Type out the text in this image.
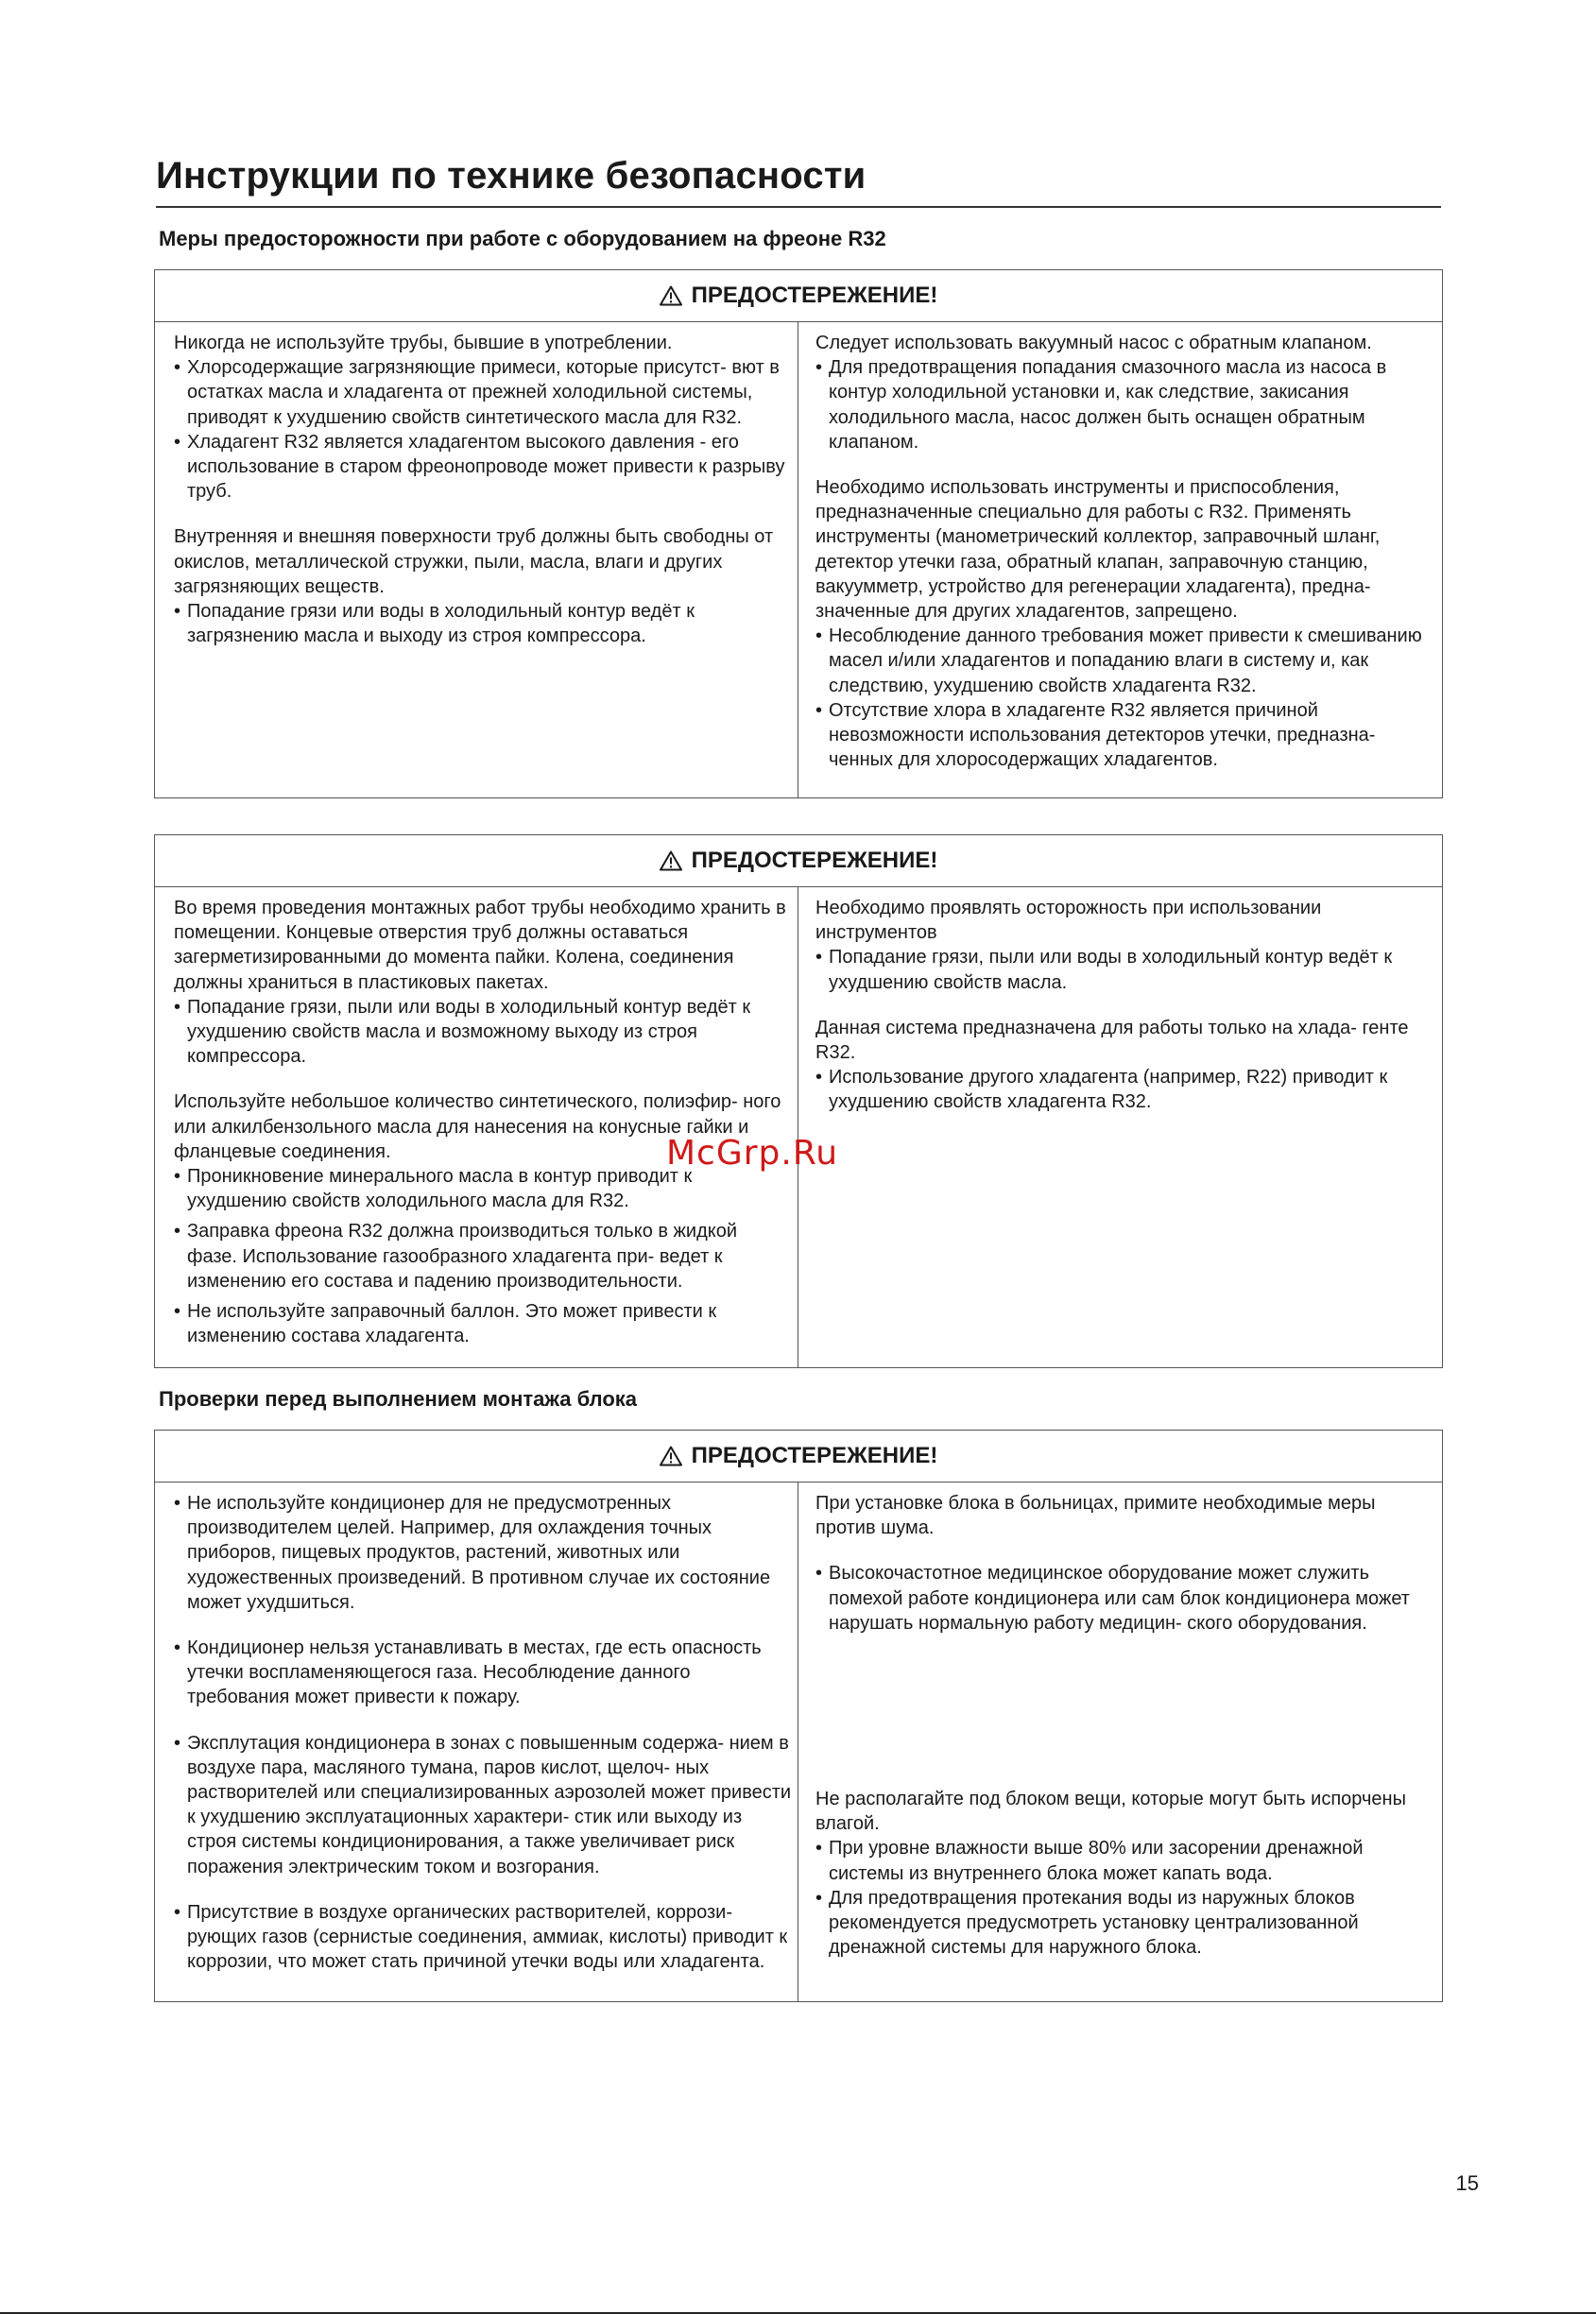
Инструкции по технике безопасности
Меры предосторожности при работе с оборудованием на фреоне R32
ПРЕДОСТЕРЕЖЕНИЕ!

Никогда не используйте трубы, бывшие в употреблении.

• Хлорсодержащие загрязняющие примеси, которые присутст- вют в остатках масла и хладагента от прежней холодильной системы, приводят к ухудшению свойств синтетического масла для R32.
• Хладагент R32 является хладагентом высокого давления - его использование в старом фреонопроводе может привести к разрыву труб.

Внутренняя и внешняя поверхности труб должны быть свободны от окислов, металлической стружки, пыли, масла, влаги и других загрязняющих веществ.

• Попадание грязи или воды в холодильный контур ведёт к загрязнению масла и выходу из строя компрессора.

Следует использовать вакуумный насос с обратным клапаном.

• Для предотвращения попадания смазочного масла из насоса в контур холодильной установки и, как следствие, закисания холодильного масла, насос должен быть оснащен обратным клапаном.

Необходимо использовать инструменты и приспособления, предназначенные специально для работы с R32. Применять инструменты (манометрический коллектор, заправочный шланг, детектор утечки газа, обратный клапан, заправочную станцию, вакуумметр, устройство для регенерации хладагента), предна- значенные для других хладагентов, запрещено.

• Несоблюдение данного требования может привести к смешиванию масел и/или хладагентов и попаданию влаги в систему и, как следствию, ухудшению свойств хладагента R32.
• Отсутствие хлора в хладагенте R32 является причиной невозможности использования детекторов утечки, предназна- ченных для хлоросодержащих хладагентов.
ПРЕДОСТЕРЕЖЕНИЕ!

Во время проведения монтажных работ трубы необходимо хранить в помещении. Концевые отверстия труб должны оставаться загерметизированными до момента пайки. Колена, соединения должны храниться в пластиковых пакетах.

• Попадание грязи, пыли или воды в холодильный контур ведёт к ухудшению свойств масла и возможному выходу из строя компрессора.

Используйте небольшое количество синтетического, полиэфир- ного или алкилбензольного масла для нанесения на конусные гайки и фланцевые соединения.

• Проникновение минерального масла в контур приводит к ухудшению свойств холодильного масла для R32.
• Заправка фреона R32 должна производиться только в жидкой фазе. Использование газообразного хладагента при- ведет к изменению его состава и падению производительности.
• Не используйте заправочный баллон. Это может привести к изменению состава хладагента.

Необходимо проявлять осторожность при использовании инструментов

• Попадание грязи, пыли или воды в холодильный контур ведёт к ухудшению свойств масла.

Данная система предназначена для работы только на хлада- генте R32.

• Использование другого хладагента (например, R22) приводит к ухудшению свойств хладагента R32.
Проверки перед выполнением монтажа блока
ПРЕДОСТЕРЕЖЕНИЕ!
• Не используйте кондиционер для не предусмотренных производителем целей. Например, для охлаждения точных приборов, пищевых продуктов, растений, животных или художественных произведений. В противном случае их состояние может ухудшиться.
• Кондиционер нельзя устанавливать в местах, где есть опасность утечки воспламеняющегося газа. Несоблюдение данного требования может привести к пожару.
• Эксплутация кондиционера в зонах с повышенным содержа- нием в воздухе пара, масляного тумана, паров кислот, щелоч- ных растворителей или специализированных аэрозолей может привести к ухудшению эксплуатационных характери- стик или выходу из строя системы кондиционирования, а также увеличивает риск поражения электрическим током и возгорания.
• Присутствие в воздухе органических растворителей, коррози- рующих газов (сернистые соединения, аммиак, кислоты) приводит к коррозии, что может стать причиной утечки воды или хладагента.

При установке блока в больницах, примите необходимые меры против шума.

• Высокочастотное медицинское оборудование может служить помехой работе кондиционера или сам блок кондиционера может нарушать нормальную работу медицин- ского оборудования.

Не располагайте под блоком вещи, которые могут быть испорчены влагой.

• При уровне влажности выше 80% или засорении дренажной системы из внутреннего блока может капать вода.
• Для предотвращения протекания воды из наружных блоков рекомендуется предусмотреть установку централизованной дренажной системы для наружного блока.
McGrp.Ru
15
